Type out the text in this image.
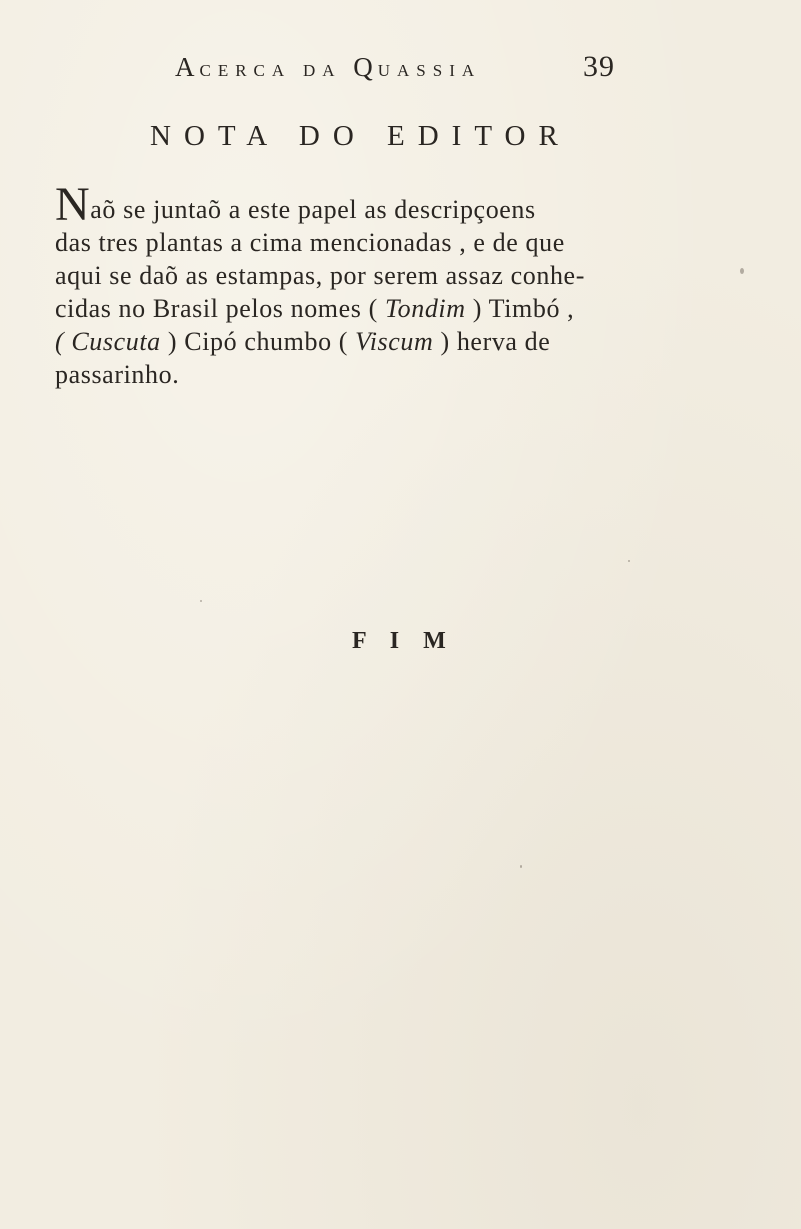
ACERCA DA QUASSIA	39
NOTA DO EDITOR
Naõ se juntaõ a este papel as descripçoens
das tres plantas a cima mencionadas , e de que
aqui se daõ as estampas, por serem assaz conhe-
cidas no Brasil pelos nomes ( Tondim ) Timbó ,
( Cuscuta ) Cipó chumbo ( Viscum ) herva de
passarinho.
F I M
